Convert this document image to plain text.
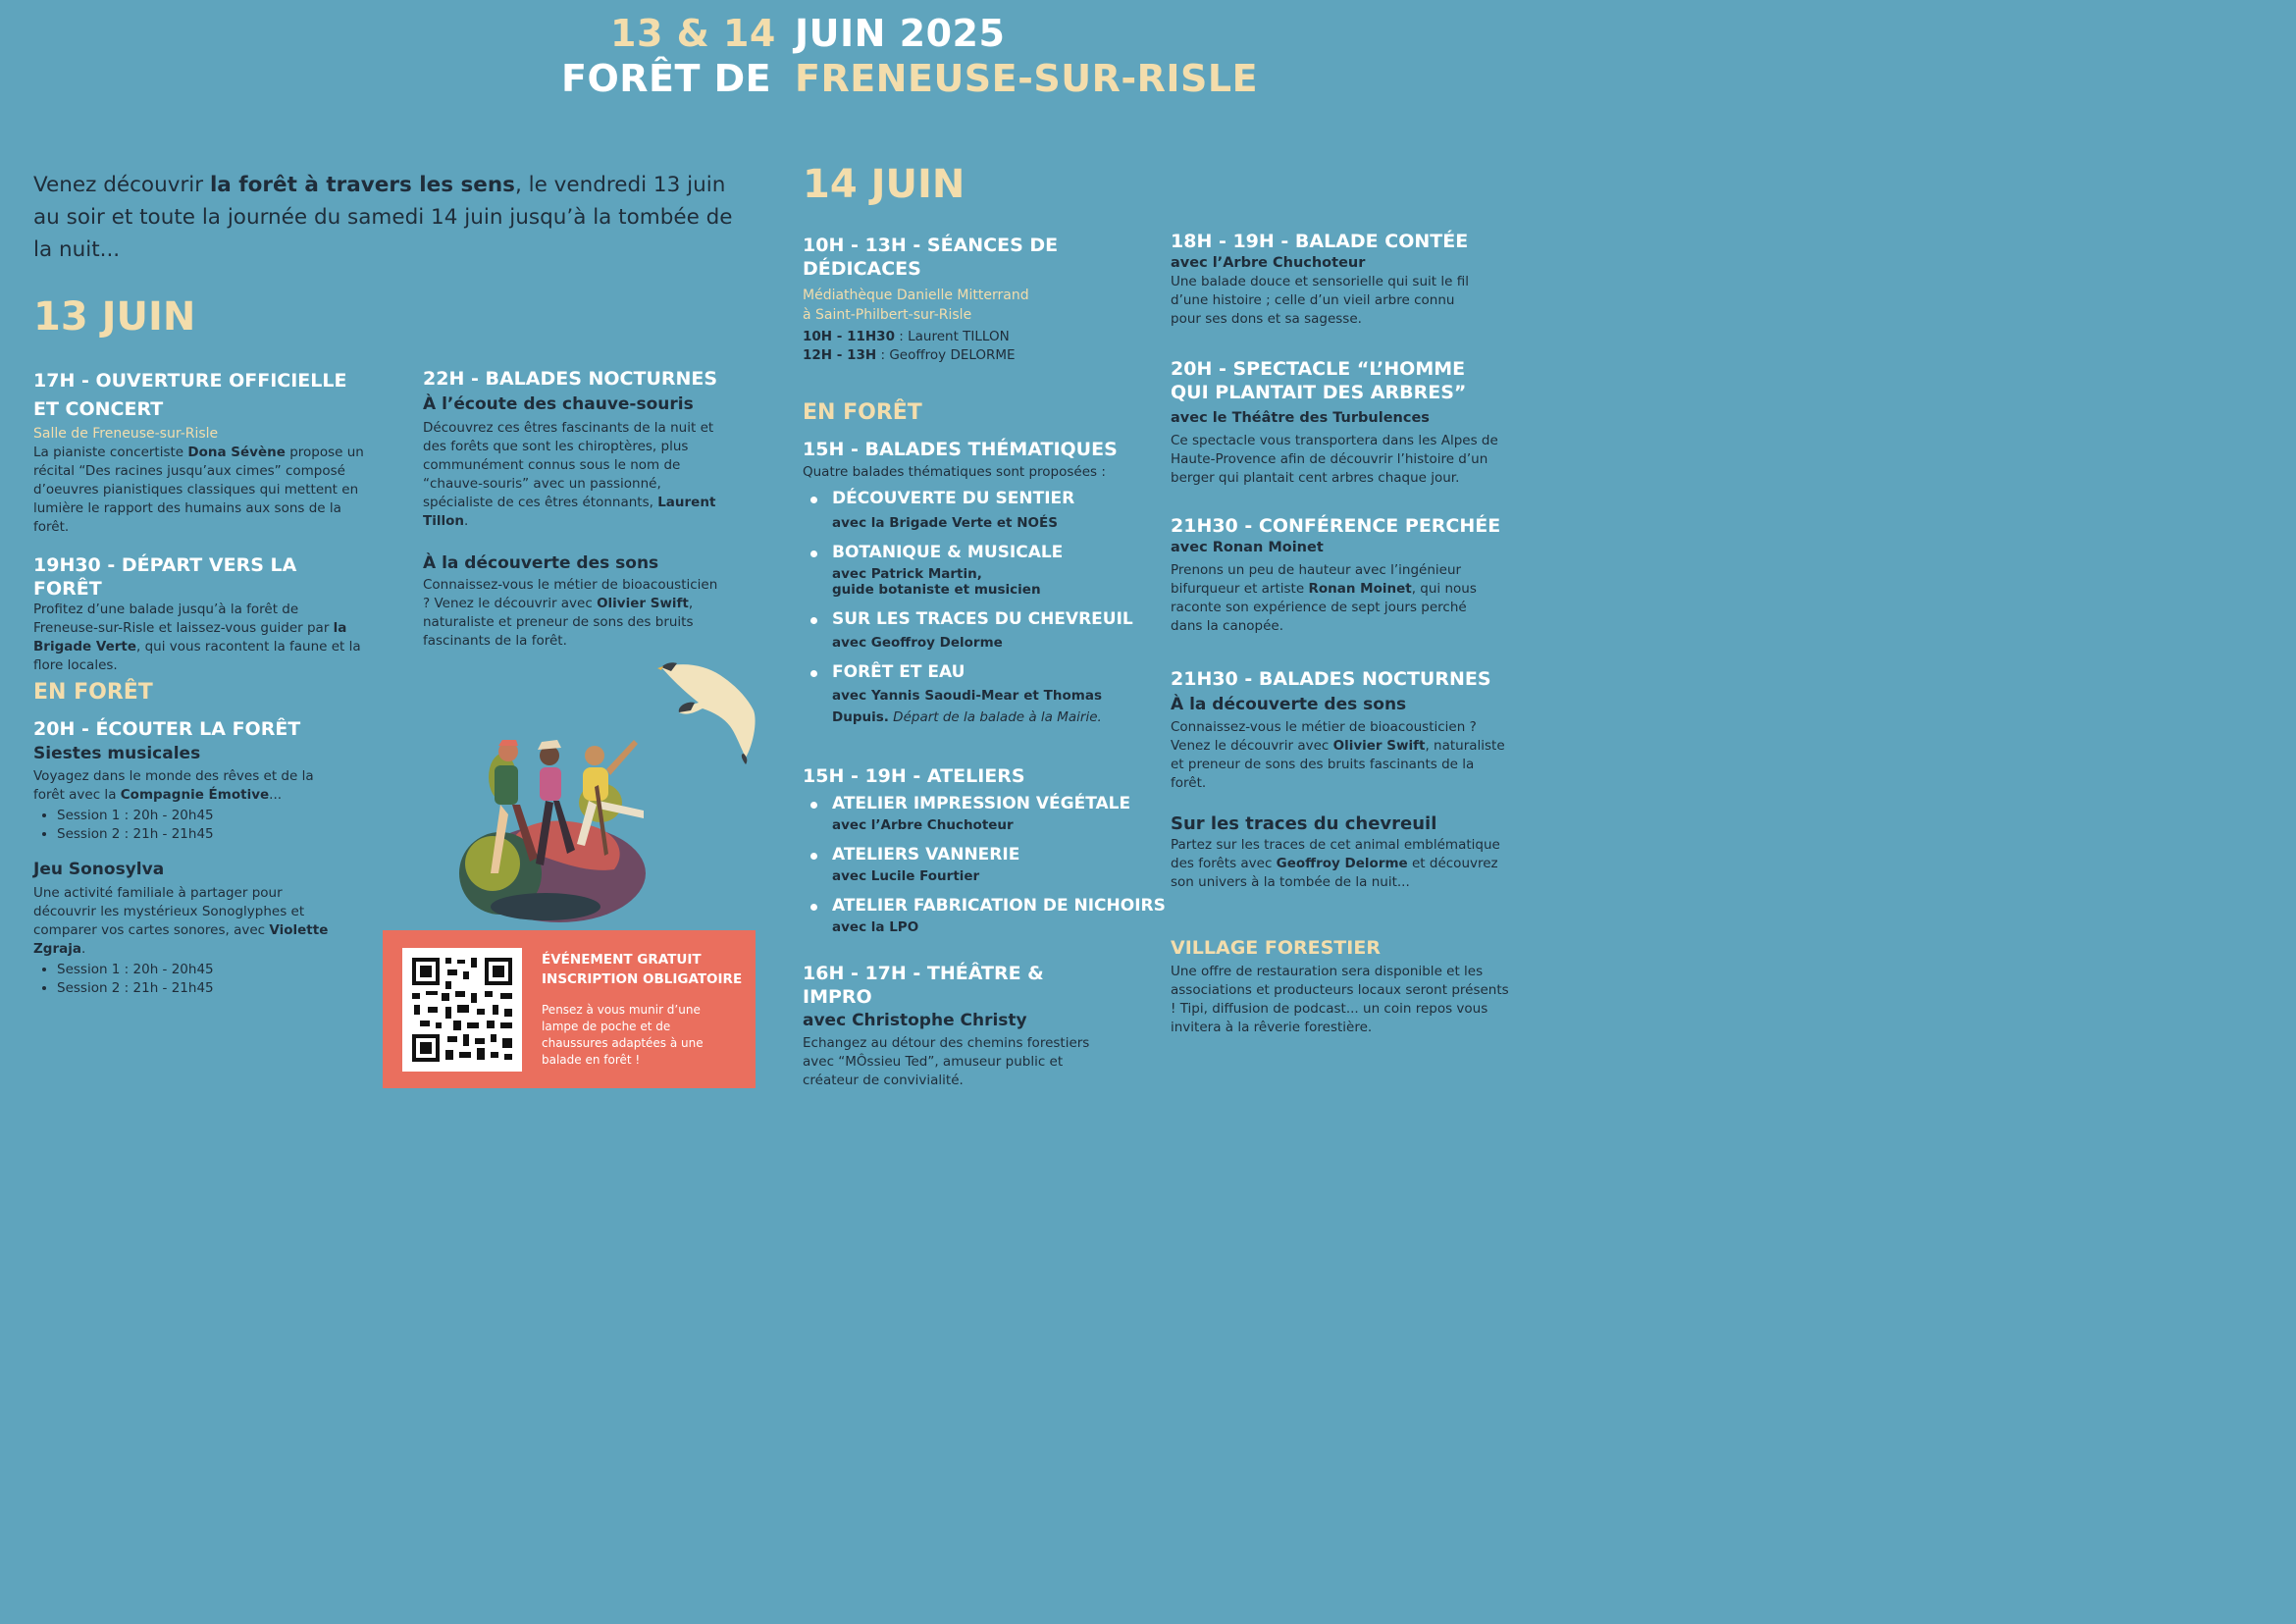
13 & 14 JUIN 2025
FORÊT DE FRENEUSE-SUR-RISLE
Venez découvrir la forêt à travers les sens, le vendredi 13 juin au soir et toute la journée du samedi 14 juin jusqu’à la tombée de la nuit...
13 JUIN
17H - OUVERTURE OFFICIELLE ET CONCERT
Salle de Freneuse-sur-Risle
La pianiste concertiste Dona Sévène propose un récital “Des racines jusqu’aux cimes” composé d’oeuvres pianistiques classiques qui mettent en lumière le rapport des humains aux sons de la forêt.
19H30 - DÉPART VERS LA FORÊT
Profitez d’une balade jusqu’à la forêt de Freneuse-sur-Risle et laissez-vous guider par la Brigade Verte, qui vous racontent la faune et la flore locales.
EN FORÊT
20H - ÉCOUTER LA FORÊT
Siestes musicales
Voyagez dans le monde des rêves et de la forêt avec la Compagnie Émotive...
• Session 1 : 20h - 20h45
• Session 2 : 21h - 21h45
Jeu Sonosylva
Une activité familiale à partager pour découvrir les mystérieux Sonoglyphes et comparer vos cartes sonores, avec Violette Zgraja.
• Session 1 : 20h - 20h45
• Session 2 : 21h - 21h45
22H - BALADES NOCTURNES
À l’écoute des chauve-souris
Découvrez ces êtres fascinants de la nuit et des forêts que sont les chiroptères, plus communément connus sous le nom de “chauve-souris” avec un passionné, spécialiste de ces êtres étonnants, Laurent Tillon.
À la découverte des sons
Connaissez-vous le métier de bioacousticien ? Venez le découvrir avec Olivier Swift, naturaliste et preneur de sons des bruits fascinants de la forêt.
ÉVÉNEMENT GRATUIT
INSCRIPTION OBLIGATOIRE
Pensez à vous munir d’une lampe de poche et de chaussures adaptées à une balade en forêt !
14 JUIN
10H - 13H - SÉANCES DE DÉDICACES
Médiathèque Danielle Mitterrand
à Saint-Philbert-sur-Risle
10H - 11H30 : Laurent TILLON
12H - 13H : Geoffroy DELORME
EN FORÊT
15H - BALADES THÉMATIQUES
Quatre balades thématiques sont proposées :
DÉCOUVERTE DU SENTIER
avec la Brigade Verte et NOÉS
BOTANIQUE & MUSICALE
avec Patrick Martin,
guide botaniste et musicien
SUR LES TRACES DU CHEVREUIL
avec Geoffroy Delorme
FORÊT ET EAU
avec Yannis Saoudi-Mear et Thomas
Dupuis. Départ de la balade à la Mairie.
15H - 19H - ATELIERS
ATELIER IMPRESSION VÉGÉTALE
avec l’Arbre Chuchoteur
ATELIERS VANNERIE
avec Lucile Fourtier
ATELIER FABRICATION DE NICHOIRS
avec la LPO
16H - 17H - THÉÂTRE & IMPRO
avec Christophe Christy
Echangez au détour des chemins forestiers avec “MÔssieu Ted”, amuseur public et créateur de convivialité.
18H - 19H - BALADE CONTÉE
avec l’Arbre Chuchoteur
Une balade douce et sensorielle qui suit le fil d’une histoire ; celle d’un vieil arbre connu pour ses dons et sa sagesse.
20H - SPECTACLE “L’HOMME QUI PLANTAIT DES ARBRES”
avec le Théâtre des Turbulences
Ce spectacle vous transportera dans les Alpes de Haute-Provence afin de découvrir l’histoire d’un berger qui plantait cent arbres chaque jour.
21H30 - CONFÉRENCE PERCHÉE
avec Ronan Moinet
Prenons un peu de hauteur avec l’ingénieur bifurqueur et artiste Ronan Moinet, qui nous raconte son expérience de sept jours perché dans la canopée.
21H30 - BALADES NOCTURNES
À la découverte des sons
Connaissez-vous le métier de bioacousticien ? Venez le découvrir avec Olivier Swift, naturaliste et preneur de sons des bruits fascinants de la forêt.
Sur les traces du chevreuil
Partez sur les traces de cet animal emblématique des forêts avec Geoffroy Delorme et découvrez son univers à la tombée de la nuit...
VILLAGE FORESTIER
Une offre de restauration sera disponible et les associations et producteurs locaux seront présents ! Tipi, diffusion de podcast... un coin repos vous invitera à la rêverie forestière.
